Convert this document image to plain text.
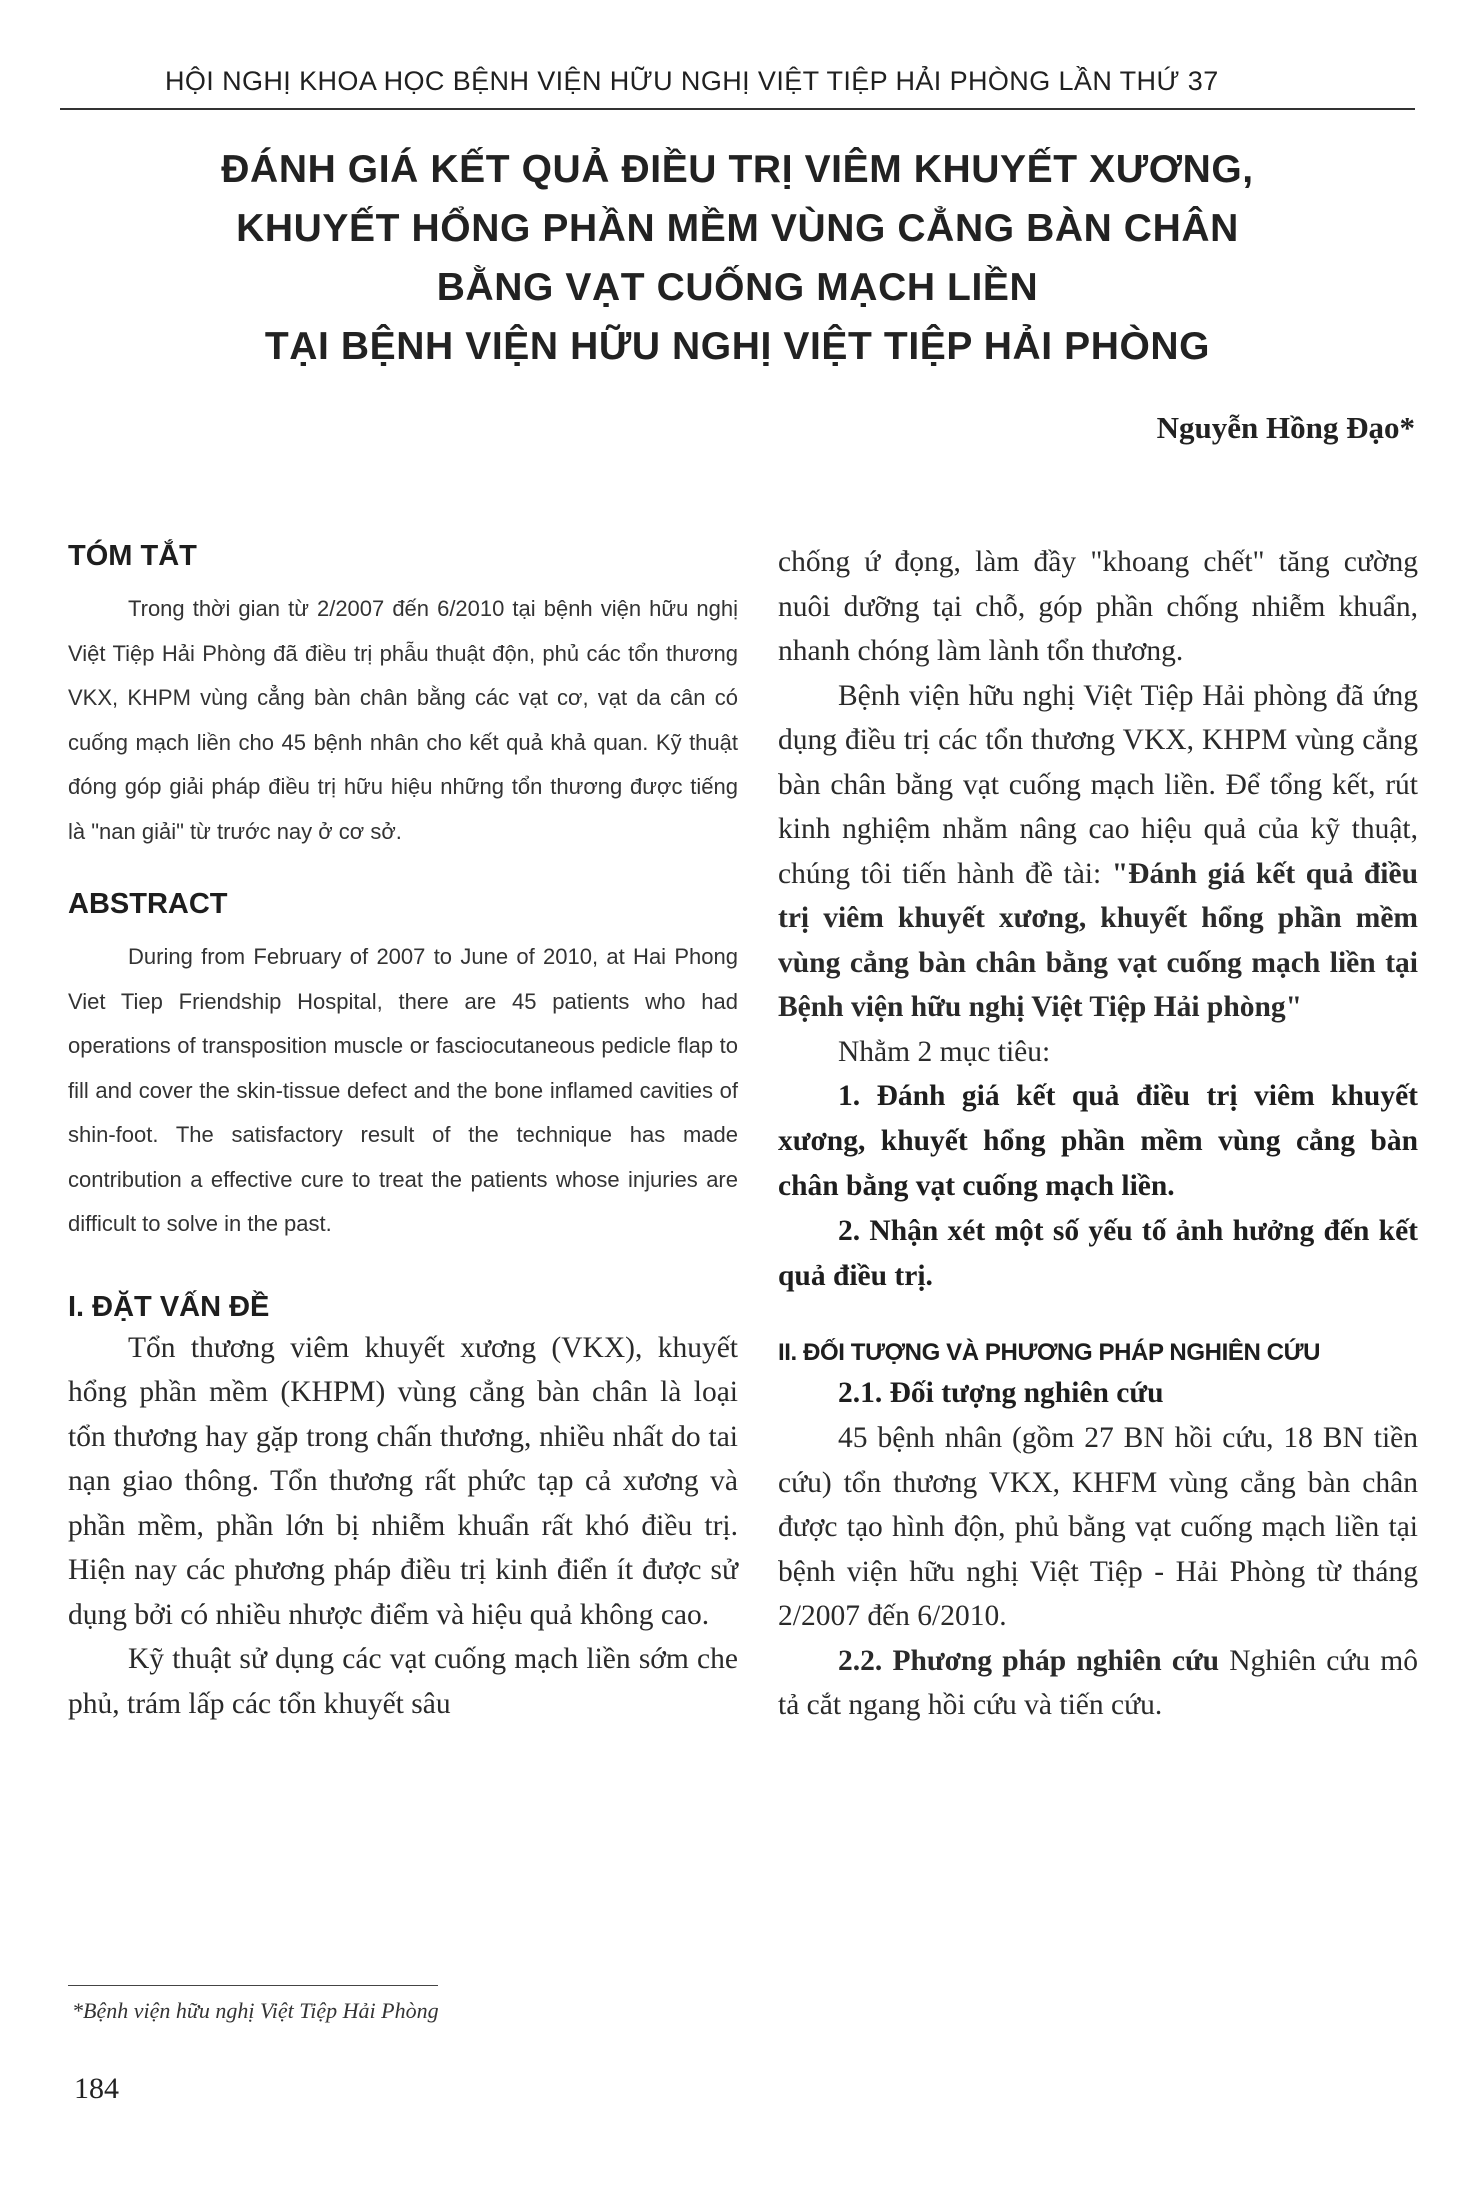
HỘI NGHỊ KHOA HỌC BỆNH VIỆN HỮU NGHỊ VIỆT TIỆP HẢI PHÒNG LẦN THỨ 37
ĐÁNH GIÁ KẾT QUẢ ĐIỀU TRỊ VIÊM KHUYẾT XƯƠNG,
KHUYẾT HỔNG PHẦN MỀM VÙNG CẲNG BÀN CHÂN
BẰNG VẠT CUỐNG MẠCH LIỀN
TẠI BỆNH VIỆN HỮU NGHỊ VIỆT TIỆP HẢI PHÒNG
Nguyễn Hồng Đạo*
TÓM TẮT

Trong thời gian từ 2/2007 đến 6/2010 tại bệnh viện hữu nghị Việt Tiệp Hải Phòng đã điều trị phẫu thuật độn, phủ các tổn thương VKX, KHPM vùng cẳng bàn chân bằng các vạt cơ, vạt da cân có cuống mạch liền cho 45 bệnh nhân cho kết quả khả quan. Kỹ thuật đóng góp giải pháp điều trị hữu hiệu những tổn thương được tiếng là "nan giải" từ trước nay ở cơ sở.

ABSTRACT

During from February of 2007 to June of 2010, at Hai Phong Viet Tiep Friendship Hospital, there are 45 patients who had operations of transposition muscle or fasciocutaneous pedicle flap to fill and cover the skin-tissue defect and the bone inflamed cavities of shin-foot. The satisfactory result of the technique has made contribution a effective cure to treat the patients whose injuries are difficult to solve in the past.

I. ĐẶT VẤN ĐỀ

Tổn thương viêm khuyết xương (VKX), khuyết hổng phần mềm (KHPM) vùng cẳng bàn chân là loại tổn thương hay gặp trong chấn thương, nhiều nhất do tai nạn giao thông. Tổn thương rất phức tạp cả xương và phần mềm, phần lớn bị nhiễm khuẩn rất khó điều trị. Hiện nay các phương pháp điều trị kinh điển ít được sử dụng bởi có nhiều nhược điểm và hiệu quả không cao.

Kỹ thuật sử dụng các vạt cuống mạch liền sớm che phủ, trám lấp các tổn khuyết sâu

chống ứ đọng, làm đầy "khoang chết" tăng cường nuôi dưỡng tại chỗ, góp phần chống nhiễm khuẩn, nhanh chóng làm lành tổn thương.

Bệnh viện hữu nghị Việt Tiệp Hải phòng đã ứng dụng điều trị các tổn thương VKX, KHPM vùng cẳng bàn chân bằng vạt cuống mạch liền. Để tổng kết, rút kinh nghiệm nhằm nâng cao hiệu quả của kỹ thuật, chúng tôi tiến hành đề tài: "Đánh giá kết quả điều trị viêm khuyết xương, khuyết hổng phần mềm vùng cẳng bàn chân bằng vạt cuống mạch liền tại Bệnh viện hữu nghị Việt Tiệp Hải phòng"

Nhằm 2 mục tiêu:

1. Đánh giá kết quả điều trị viêm khuyết xương, khuyết hổng phần mềm vùng cẳng bàn chân bằng vạt cuống mạch liền.

2. Nhận xét một số yếu tố ảnh hưởng đến kết quả điều trị.

II. ĐỐI TƯỢNG VÀ PHƯƠNG PHÁP NGHIÊN CỨU

2.1. Đối tượng nghiên cứu

45 bệnh nhân (gồm 27 BN hồi cứu, 18 BN tiền cứu) tổn thương VKX, KHFM vùng cẳng bàn chân được tạo hình độn, phủ bằng vạt cuống mạch liền tại bệnh viện hữu nghị Việt Tiệp - Hải Phòng từ tháng 2/2007 đến 6/2010.

2.2. Phương pháp nghiên cứu Nghiên cứu mô tả cắt ngang hồi cứu và tiến cứu.

*Bệnh viện hữu nghị Việt Tiệp Hải Phòng
184
